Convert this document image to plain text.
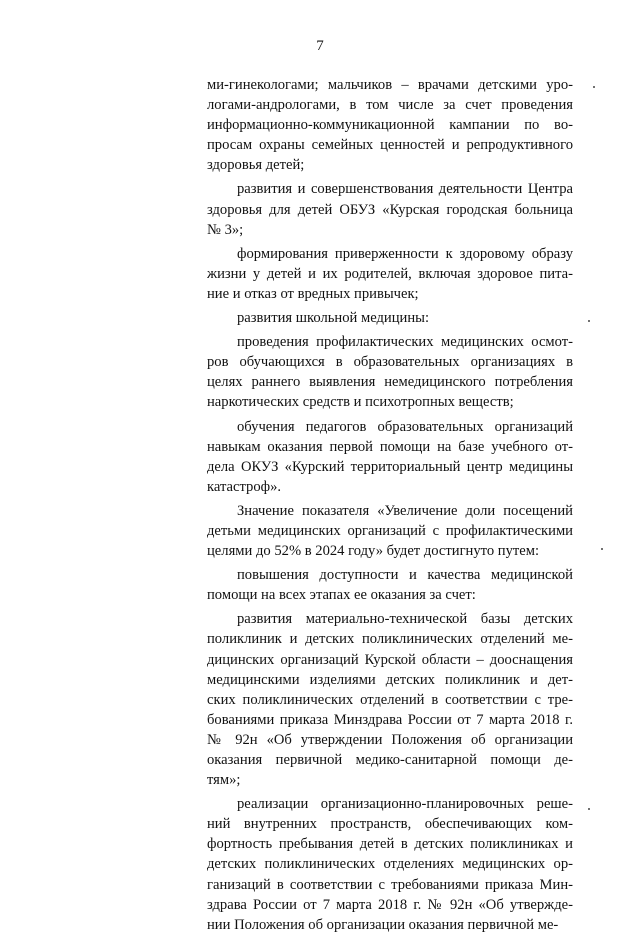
7
ми-гинекологами; мальчиков – врачами детскими уро-
логами-андрологами, в том числе за счет проведения
информационно-коммуникационной кампании по во-
просам охраны семейных ценностей и репродуктивного
здоровья детей;
развития и совершенствования деятельности Центра
здоровья для детей ОБУЗ «Курская городская больница
№ 3»;
формирования приверженности к здоровому образу
жизни у детей и их родителей, включая здоровое пита-
ние и отказ от вредных привычек;
развития школьной медицины:
проведения профилактических медицинских осмот-
ров обучающихся в образовательных организациях в
целях раннего выявления немедицинского потребления
наркотических средств и психотропных веществ;
обучения педагогов образовательных организаций
навыкам оказания первой помощи на базе учебного от-
дела ОКУЗ «Курский территориальный центр медицины
катастроф».
Значение показателя «Увеличение доли посещений
детьми медицинских организаций с профилактическими
целями до 52% в 2024 году» будет достигнуто путем:
повышения доступности и качества медицинской
помощи на всех этапах ее оказания за счет:
развития материально-технической базы детских
поликлиник и детских поликлинических отделений ме-
дицинских организаций Курской области – дооснащения
медицинскими изделиями детских поликлиник и дет-
ских поликлинических отделений в соответствии с тре-
бованиями приказа Минздрава России от 7 марта 2018 г.
№ 92н «Об утверждении Положения об организации
оказания первичной медико-санитарной помощи де-
тям»;
реализации организационно-планировочных реше-
ний внутренних пространств, обеспечивающих ком-
фортность пребывания детей в детских поликлиниках и
детских поликлинических отделениях медицинских ор-
ганизаций в соответствии с требованиями приказа Мин-
здрава России от 7 марта 2018 г. № 92н «Об утвержде-
нии Положения об организации оказания первичной ме-
